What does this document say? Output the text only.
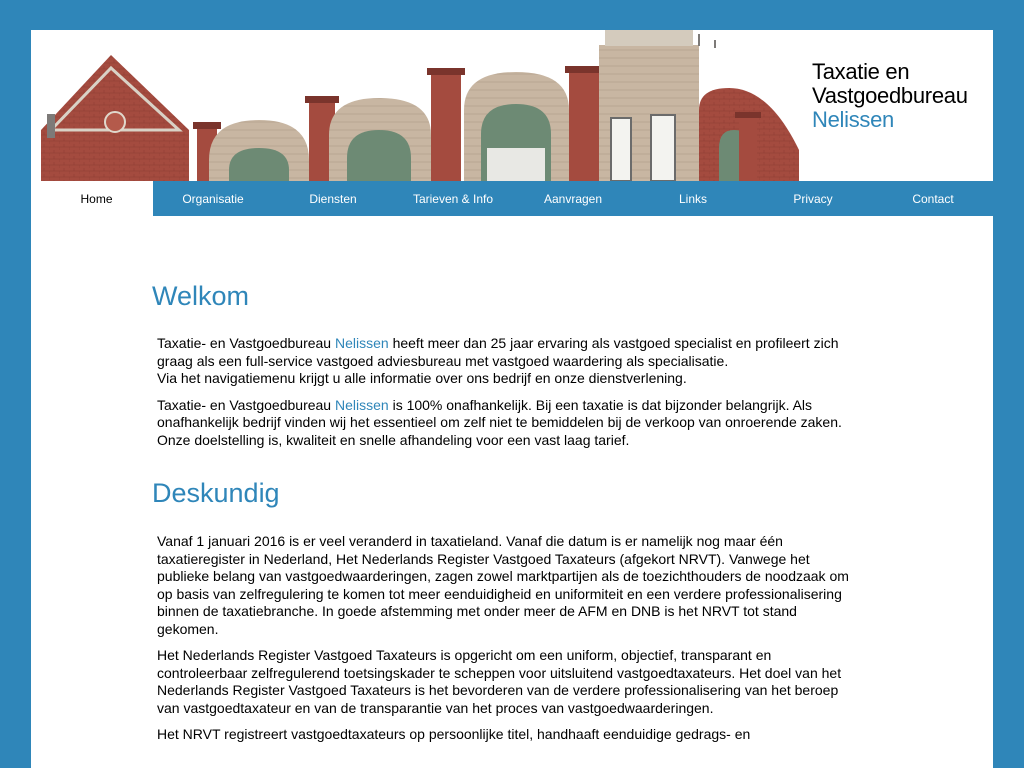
Taxatie en
Vastgoedbureau
Nelissen
Home	Organisatie	Diensten	Tarieven & Info	Aanvragen	Links	Privacy	Contact
Welkom

Taxatie- en Vastgoedbureau Nelissen heeft meer dan 25 jaar ervaring als vastgoed specialist en profileert zich graag als een full-service vastgoed adviesbureau met vastgoed waardering als specialisatie.
Via het navigatiemenu krijgt u alle informatie over ons bedrijf en onze dienstverlening.

Taxatie- en Vastgoedbureau Nelissen is 100% onafhankelijk. Bij een taxatie is dat bijzonder belangrijk. Als onafhankelijk bedrijf vinden wij het essentieel om zelf niet te bemiddelen bij de verkoop van onroerende zaken.
Onze doelstelling is, kwaliteit en snelle afhandeling voor een vast laag tarief.

Deskundig

Vanaf 1 januari 2016 is er veel veranderd in taxatieland. Vanaf die datum is er namelijk nog maar één taxatieregister in Nederland, Het Nederlands Register Vastgoed Taxateurs (afgekort NRVT). Vanwege het publieke belang van vastgoedwaarderingen, zagen zowel marktpartijen als de toezichthouders de noodzaak om op basis van zelfregulering te komen tot meer eenduidigheid en uniformiteit en een verdere professionalisering binnen de taxatiebranche. In goede afstemming met onder meer de AFM en DNB is het NRVT tot stand gekomen.

Het Nederlands Register Vastgoed Taxateurs is opgericht om een uniform, objectief, transparant en controleerbaar zelfregulerend toetsingskader te scheppen voor uitsluitend vastgoedtaxateurs. Het doel van het Nederlands Register Vastgoed Taxateurs is het bevorderen van de verdere professionalisering van het beroep van vastgoedtaxateur en van de transparantie van het proces van vastgoedwaarderingen.

Het NRVT registreert vastgoedtaxateurs op persoonlijke titel, handhaaft eenduidige gedrags- en
